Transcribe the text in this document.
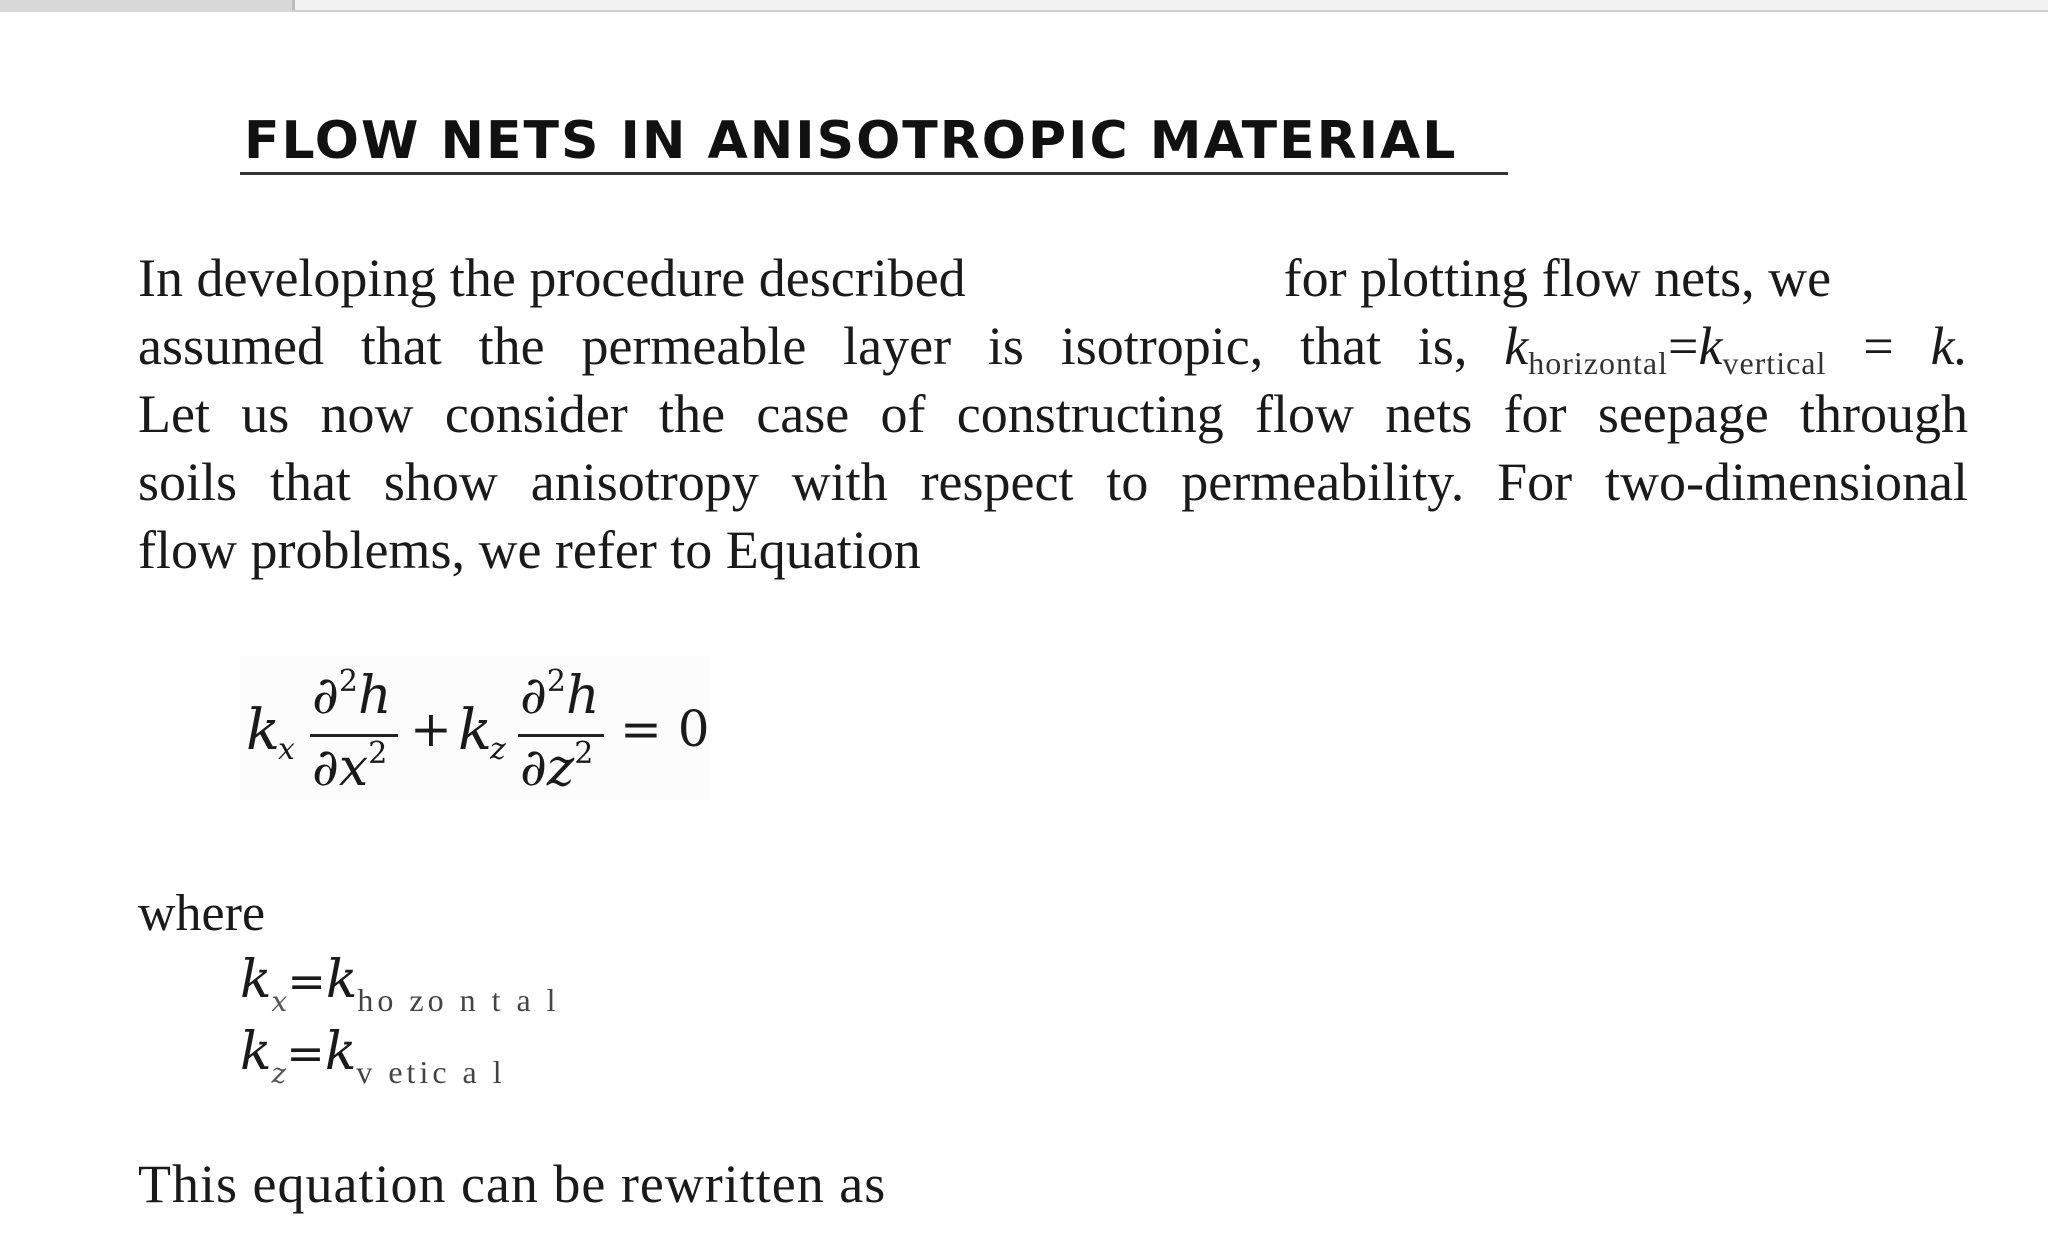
FLOW NETS IN ANISOTROPIC MATERIAL
In developing the procedure described	for plotting flow nets, we
assumed that the permeable layer is isotropic, that is, $k_{horizontal}=k_{vertical} = k$.
Let us now consider the case of constructing flow nets for seepage through
soils that show anisotropy with respect to permeability. For two-dimensional
flow problems, we refer to Equation
k
x
∂$^2$h
$\partial x^2 + k$
z
∂$^2$h
$\partial z^2 = 0$
where
kx=kho zo n t a l
kz=kv etic a l
This equation can be rewritten as
